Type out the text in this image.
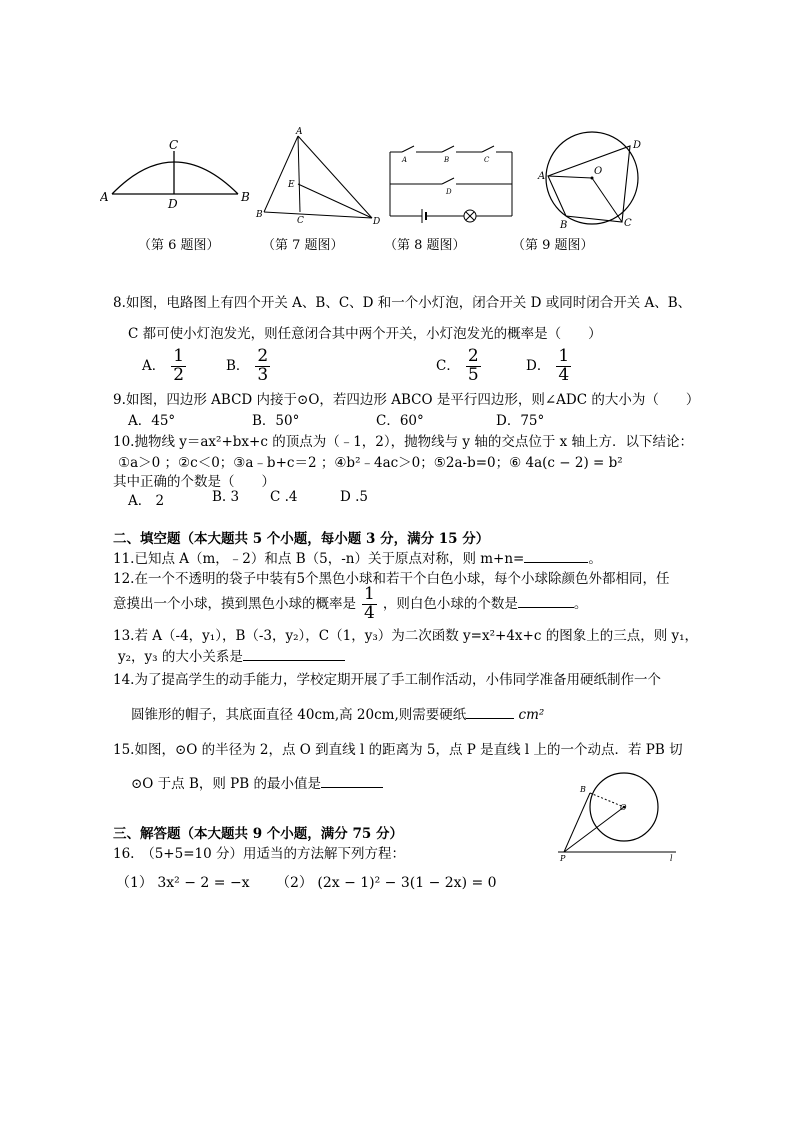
A	B
C
D
（第 6 题图）
A
B
C	D
E
（第 7 题图）
A	B	C
D
（第 8 题图）
A
B	C
D
O
（第 9 题图）
8.如图，电路图上有四个开关 A、B、C、D 和一个小灯泡，闭合开关 D 或同时闭合开关 A、B、
C 都可使小灯泡发光，则任意闭合其中两个开关，小灯泡发光的概率是（　　）
A． $\frac{1}{2}$	B． $\frac{2}{3}$	C． $\frac{2}{5}$	D． $\frac{1}{4}$
9.如图，四边形 ABCD 内接于⊙O，若四边形 ABCO 是平行四边形，则∠ADC 的大小为（　　）
A．45°	B．50°	C．60°	D．75°
10.抛物线 y＝ax²+bx+c 的顶点为（﹣1，2），抛物线与 y 轴的交点位于 x 轴上方．以下结论：
①a＞0 ；②c＜0；③a﹣b+c＝2 ；④b²﹣4ac＞0；⑤2a-b=0；⑥ 4a(c − 2) = b²
其中正确的个数是（　　）
A． 2	B. 3 C .4	D .5
二、填空题（本大题共 5 个小题，每小题 3 分，满分 15 分）
11.已知点 A（m，﹣2）和点 B（5，-n）关于原点对称，则 m+n=	。
12.在一个不透明的袋子中装有5个黑色小球和若干个白色小球，每个小球除颜色外都相同，任
意摸出一个小球，摸到黑色小球的概率是 $\frac{1}{4}$ ，则白色小球的个数是	。
13.若 A（-4，y₁），B（-3，y₂），C（1，y₃）为二次函数 y=x²+4x+c 的图象上的三点，则 y₁，
y₂，y₃ 的大小关系是
14.为了提高学生的动手能力，学校定期开展了手工制作活动，小伟同学准备用硬纸制作一个
圆锥形的帽子，其底面直径 40cm,高 20cm,则需要硬纸	cm²
15.如图，⊙O 的半径为 2，点 O 到直线 l 的距离为 5，点 P 是直线 l 上的一个动点．若 PB 切
⊙O 于点 B，则 PB 的最小值是	B
O
P	l
三、解答题（本大题共 9 个小题，满分 75 分）
16.　（5+5=10 分）用适当的方法解下列方程：
（1） 3x² − 2 = −x （2） (2x − 1)² − 3(1 − 2x) = 0
